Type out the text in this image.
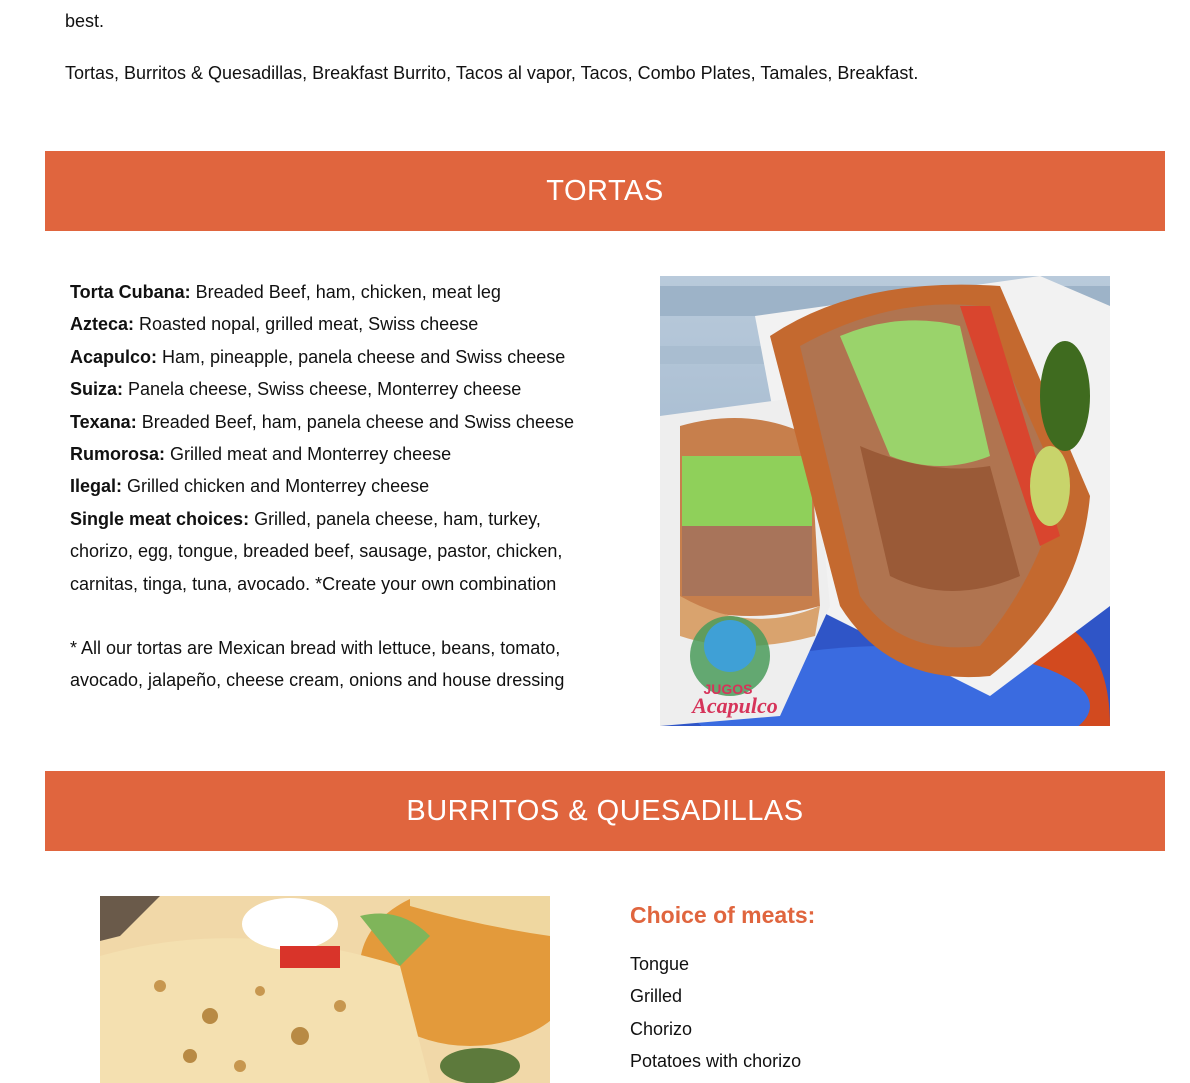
best.

Tortas, Burritos & Quesadillas, Breakfast Burrito, Tacos al vapor, Tacos, Combo Plates, Tamales, Breakfast.

TORTAS
Torta Cubana: Breaded Beef, ham, chicken, meat leg
Azteca: Roasted nopal, grilled meat, Swiss cheese
Acapulco: Ham, pineapple, panela cheese and Swiss cheese
Suiza: Panela cheese, Swiss cheese, Monterrey cheese
Texana: Breaded Beef, ham, panela cheese and Swiss cheese
Rumorosa: Grilled meat and Monterrey cheese
Ilegal: Grilled chicken and Monterrey cheese
Single meat choices: Grilled, panela cheese, ham, turkey, chorizo, egg, tongue, breaded beef, sausage, pastor, chicken, carnitas, tinga, tuna, avocado. *Create your own combination

* All our tortas are Mexican bread with lettuce, beans, tomato, avocado, jalapeño, cheese cream, onions and house dressing	JUGOS
Acapulco
BURRITOS & QUESADILLAS
Choice of meats:
Tongue
Grilled
Chorizo
Potatoes with chorizo
